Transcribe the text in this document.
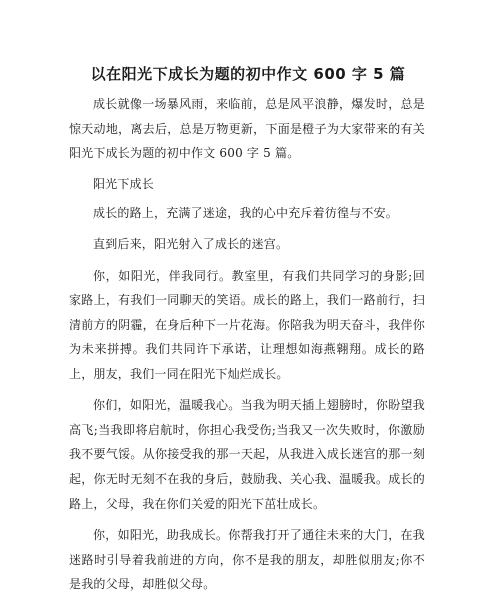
以在阳光下成长为题的初中作文 600 字 5 篇

成长就像一场暴风雨，来临前，总是风平浪静，爆发时，总是惊天动地，离去后，总是万物更新，下面是橙子为大家带来的有关阳光下成长为题的初中作文 600 字 5 篇。

阳光下成长

成长的路上，充满了迷途，我的心中充斥着彷徨与不安。

直到后来，阳光射入了成长的迷宫。

你，如阳光，伴我同行。教室里，有我们共同学习的身影;回家路上，有我们一同聊天的笑语。成长的路上，我们一路前行，扫清前方的阴霾，在身后种下一片花海。你陪我为明天奋斗，我伴你为未来拼搏。我们共同许下承诺，让理想如海燕翱翔。成长的路上，朋友，我们一同在阳光下灿烂成长。

你们，如阳光，温暖我心。当我为明天插上翅膀时，你盼望我高飞;当我即将启航时，你担心我受伤;当我又一次失败时，你激励我不要气馁。从你接受我的那一天起，从我进入成长迷宫的那一刻起，你无时无刻不在我的身后，鼓励我、关心我、温暖我。成长的路上，父母，我在你们关爱的阳光下茁壮成长。

你，如阳光，助我成长。你帮我打开了通往未来的大门，在我迷路时引导着我前进的方向，你不是我的朋友，却胜似朋友;你不是我的父母，却胜似父母。
